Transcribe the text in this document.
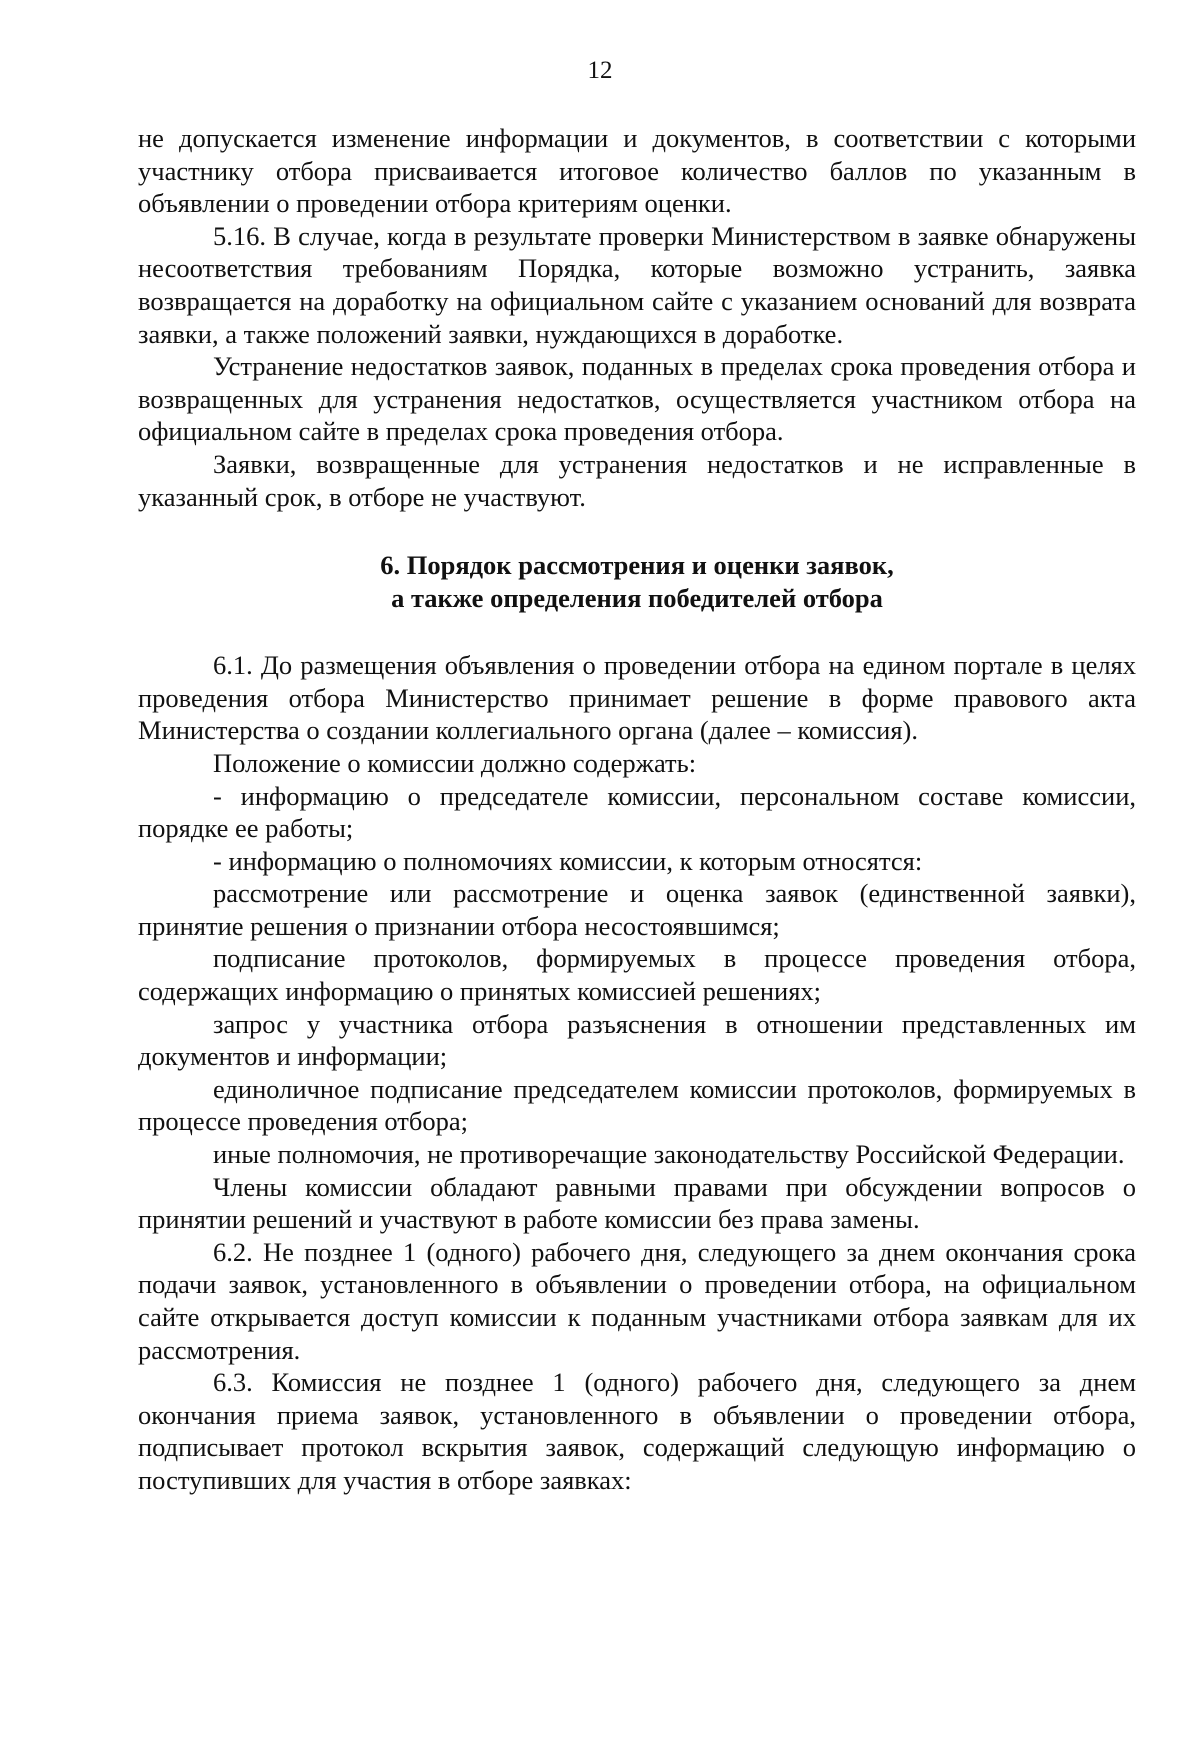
12

не допускается изменение информации и документов, в соответствии с которыми участнику отбора присваивается итоговое количество баллов по указанным в объявлении о проведении отбора критериям оценки.

5.16. В случае, когда в результате проверки Министерством в заявке обнаружены несоответствия требованиям Порядка, которые возможно устранить, заявка возвращается на доработку на официальном сайте с указанием оснований для возврата заявки, а также положений заявки, нуждающихся в доработке.

Устранение недостатков заявок, поданных в пределах срока проведения отбора и возвращенных для устранения недостатков, осуществляется участником отбора на официальном сайте в пределах срока проведения отбора.

Заявки, возвращенные для устранения недостатков и не исправленные в указанный срок, в отборе не участвуют.

6. Порядок рассмотрения и оценки заявок,
а также определения победителей отбора

6.1. До размещения объявления о проведении отбора на едином портале в целях проведения отбора Министерство принимает решение в форме правового акта Министерства о создании коллегиального органа (далее – комиссия).

Положение о комиссии должно содержать:

- информацию о председателе комиссии, персональном составе комиссии, порядке ее работы;

- информацию о полномочиях комиссии, к которым относятся:

рассмотрение или рассмотрение и оценка заявок (единственной заявки), принятие решения о признании отбора несостоявшимся;

подписание протоколов, формируемых в процессе проведения отбора, содержащих информацию о принятых комиссией решениях;

запрос у участника отбора разъяснения в отношении представленных им документов и информации;

единоличное подписание председателем комиссии протоколов, формируемых в процессе проведения отбора;

иные полномочия, не противоречащие законодательству Российской Федерации.

Члены комиссии обладают равными правами при обсуждении вопросов о принятии решений и участвуют в работе комиссии без права замены.

6.2. Не позднее 1 (одного) рабочего дня, следующего за днем окончания срока подачи заявок, установленного в объявлении о проведении отбора, на официальном сайте открывается доступ комиссии к поданным участниками отбора заявкам для их рассмотрения.

6.3. Комиссия не позднее 1 (одного) рабочего дня, следующего за днем окончания приема заявок, установленного в объявлении о проведении отбора, подписывает протокол вскрытия заявок, содержащий следующую информацию о поступивших для участия в отборе заявках:
